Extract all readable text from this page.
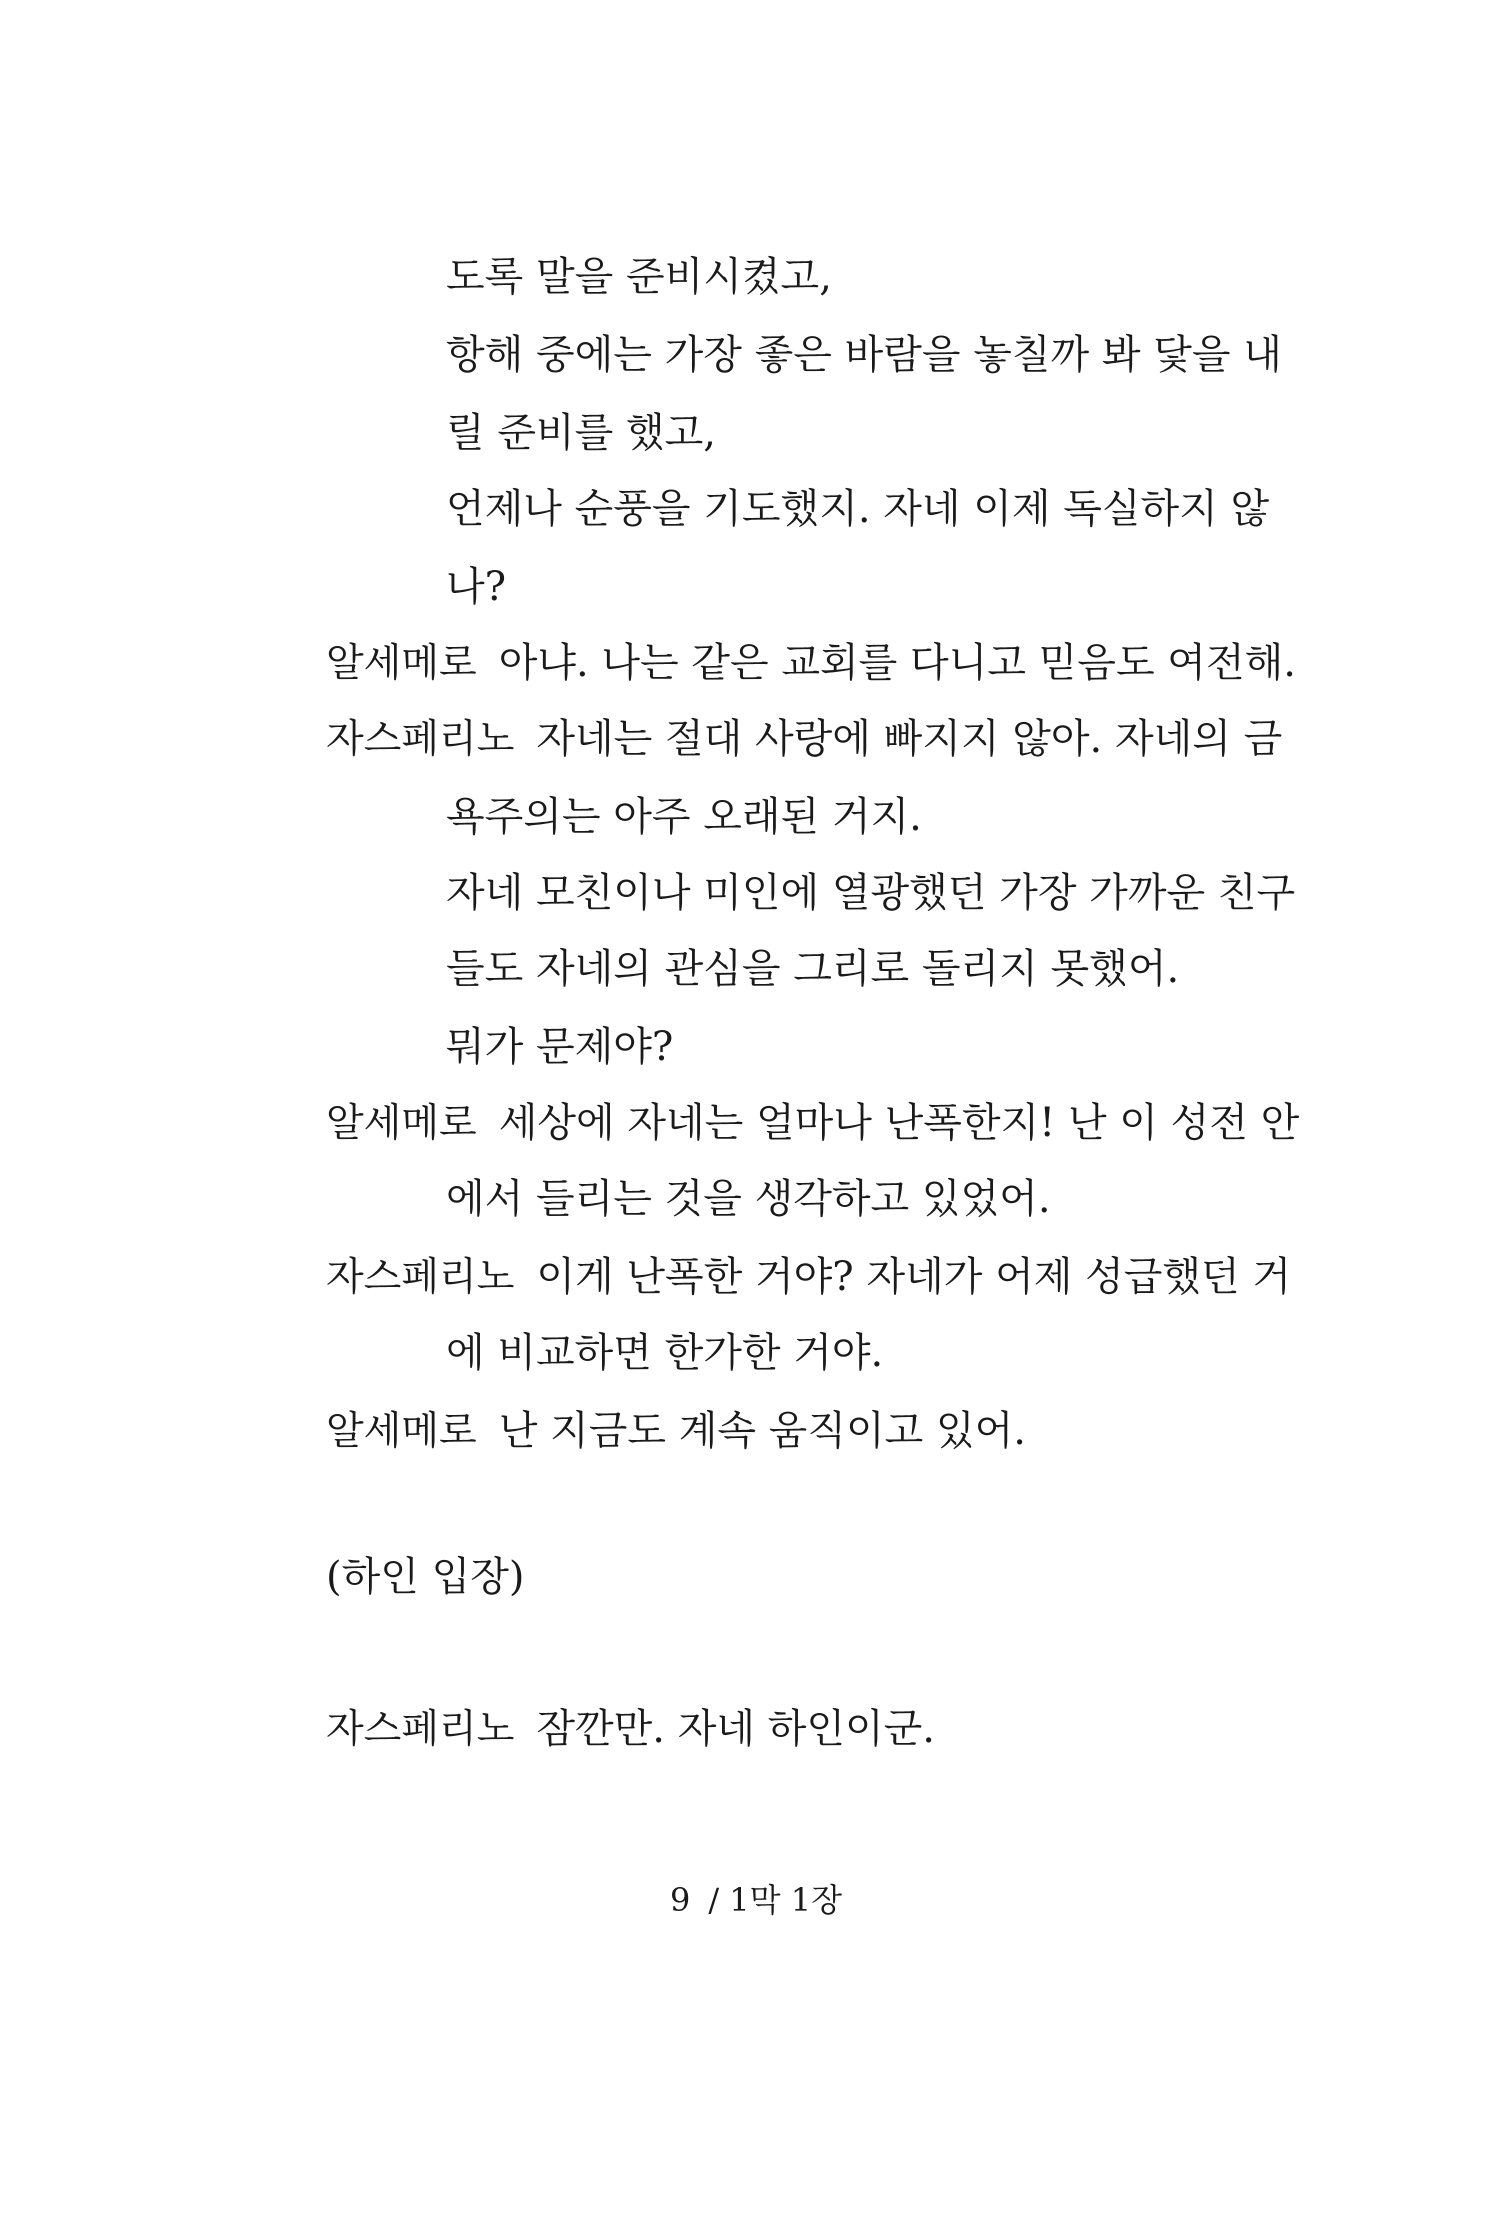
도록 말을 준비시켰고,
항해 중에는 가장 좋은 바람을 놓칠까 봐 닻을 내
릴 준비를 했고,
언제나 순풍을 기도했지. 자네 이제 독실하지 않
나?
알세메로 아냐. 나는 같은 교회를 다니고 믿음도 여전해.
자스페리노 자네는 절대 사랑에 빠지지 않아. 자네의 금
욕주의는 아주 오래된 거지.
자네 모친이나 미인에 열광했던 가장 가까운 친구
들도 자네의 관심을 그리로 돌리지 못했어.
뭐가 문제야?
알세메로 세상에 자네는 얼마나 난폭한지! 난 이 성전 안
에서 들리는 것을 생각하고 있었어.
자스페리노 이게 난폭한 거야? 자네가 어제 성급했던 거
에 비교하면 한가한 거야.
알세메로 난 지금도 계속 움직이고 있어.
(하인 입장)
자스페리노 잠깐만. 자네 하인이군.
9 / 1막 1장
